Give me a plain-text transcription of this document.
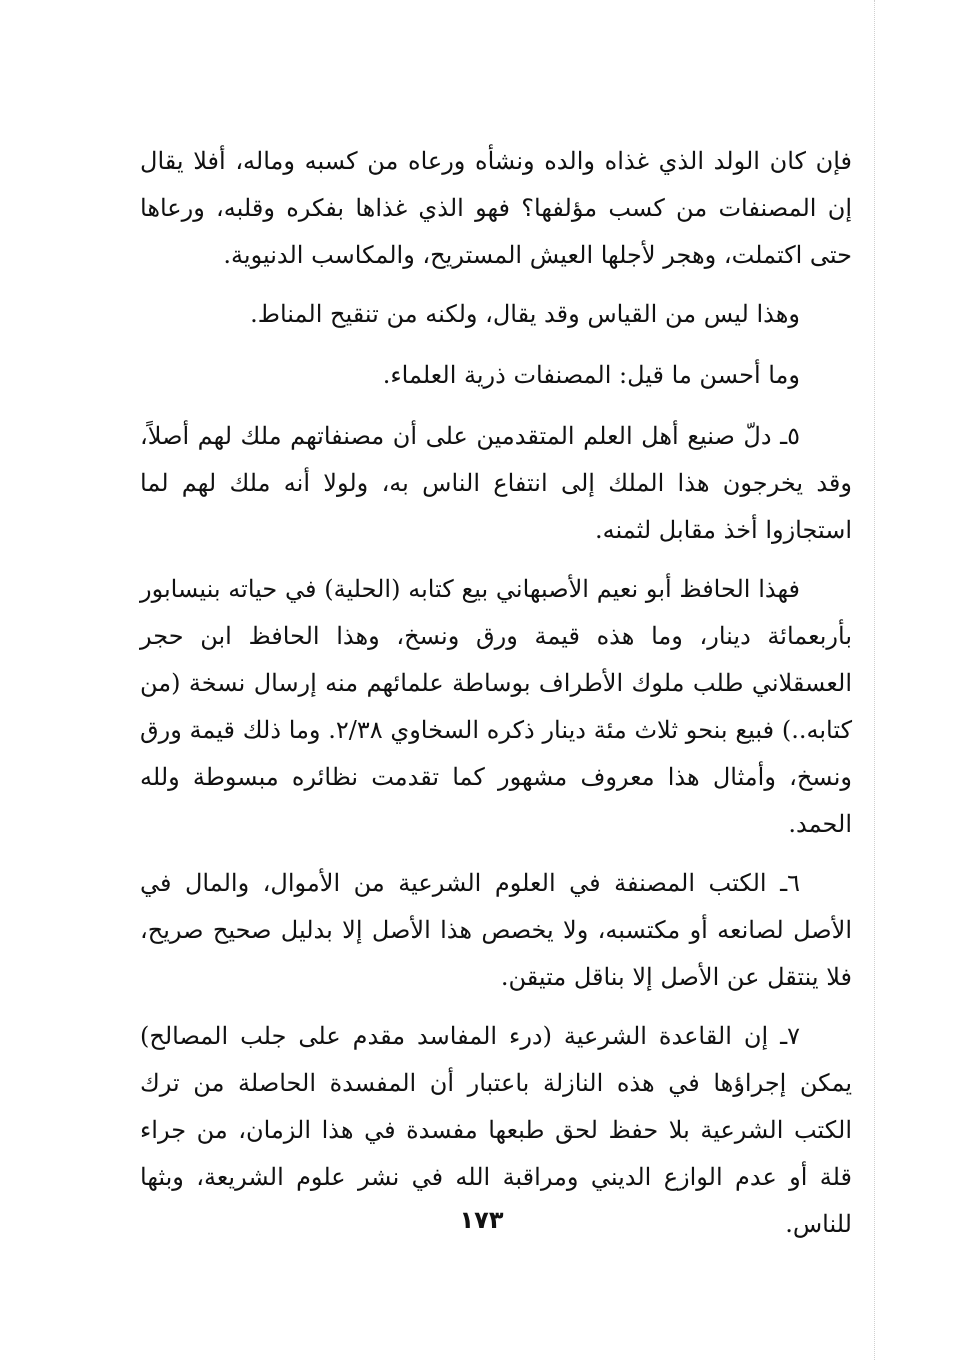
فإن كان الولد الذي غذاه والده ونشأه ورعاه من كسبه وماله، أفلا يقال إن المصنفات من كسب مؤلفها؟ فهو الذي غذاها بفكره وقلبه، ورعاها حتى اكتملت، وهجر لأجلها العيش المستريح، والمكاسب الدنيوية.

وهذا ليس من القياس وقد يقال، ولكنه من تنقيح المناط.

وما أحسن ما قيل: المصنفات ذرية العلماء.

٥ـ دلّ صنيع أهل العلم المتقدمين على أن مصنفاتهم ملك لهم أصلاً، وقد يخرجون هذا الملك إلى انتفاع الناس به، ولولا أنه ملك لهم لما استجازوا أخذ مقابل لثمنه.

فهذا الحافظ أبو نعيم الأصبهاني بيع كتابه (الحلية) في حياته بنيسابور بأربعمائة دينار، وما هذه قيمة ورق ونسخ، وهذا الحافظ ابن حجر العسقلاني طلب ملوك الأطراف بوساطة علمائهم منه إرسال نسخة (من كتابه..) فبيع بنحو ثلاث مئة دينار ذكره السخاوي ٢/٣٨. وما ذلك قيمة ورق ونسخ، وأمثال هذا معروف مشهور كما تقدمت نظائره مبسوطة ولله الحمد.

٦ـ الكتب المصنفة في العلوم الشرعية من الأموال، والمال في الأصل لصانعه أو مكتسبه، ولا يخصص هذا الأصل إلا بدليل صحيح صريح، فلا ينتقل عن الأصل إلا بناقل متيقن.

٧ـ إن القاعدة الشرعية (درء المفاسد مقدم على جلب المصالح) يمكن إجراؤها في هذه النازلة باعتبار أن المفسدة الحاصلة من ترك الكتب الشرعية بلا حفظ لحق طبعها مفسدة في هذا الزمان، من جراء قلة أو عدم الوازع الديني ومراقبة الله في نشر علوم الشريعة، وبثها للناس.

١٧٣
